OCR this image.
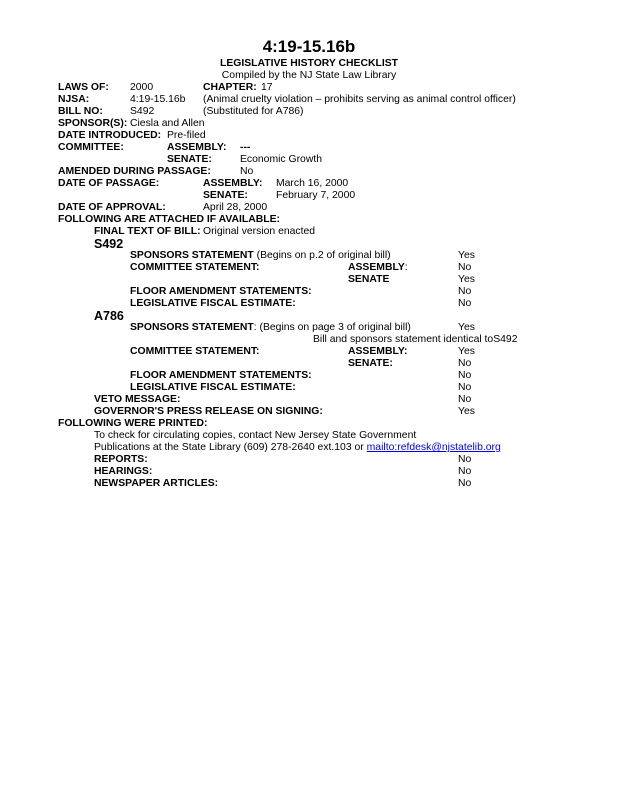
4:19-15.16b
LEGISLATIVE HISTORY CHECKLIST
Compiled by the NJ State Law Library
LAWS OF: 2000	CHAPTER: 17
NJSA:	4:19-15.16b (Animal cruelty violation – prohibits serving as animal control officer)
BILL NO:	S492	(Substituted for A786)
SPONSOR(S): Ciesla and Allen
DATE INTRODUCED: Pre-filed
COMMITTEE:	ASSEMBLY: ---
SENATE:	Economic Growth
AMENDED DURING PASSAGE:	No
DATE OF PASSAGE:	ASSEMBLY: March 16, 2000
SENATE:	February 7, 2000
DATE OF APPROVAL:	April 28, 2000
FOLLOWING ARE ATTACHED IF AVAILABLE:
FINAL TEXT OF BILL: Original version enacted
S492
SPONSORS STATEMENT (Begins on p.2 of original bill)	Yes
COMMITTEE STATEMENT:	ASSEMBLY:	No
SENATE	Yes
FLOOR AMENDMENT STATEMENTS:	No
LEGISLATIVE FISCAL ESTIMATE:	No
A786
SPONSORS STATEMENT: (Begins on page 3 of original bill)	Yes
Bill and sponsors statement identical toS492
COMMITTEE STATEMENT:	ASSEMBLY:	Yes
SENATE:	No
FLOOR AMENDMENT STATEMENTS:	No
LEGISLATIVE FISCAL ESTIMATE:	No
VETO MESSAGE:	No
GOVERNOR'S PRESS RELEASE ON SIGNING:	Yes
FOLLOWING WERE PRINTED:
To check for circulating copies, contact New Jersey State Government
Publications at the State Library (609) 278-2640 ext.103 or mailto:refdesk@njstatelib.org
REPORTS:	No
HEARINGS:	No
NEWSPAPER ARTICLES:	No
